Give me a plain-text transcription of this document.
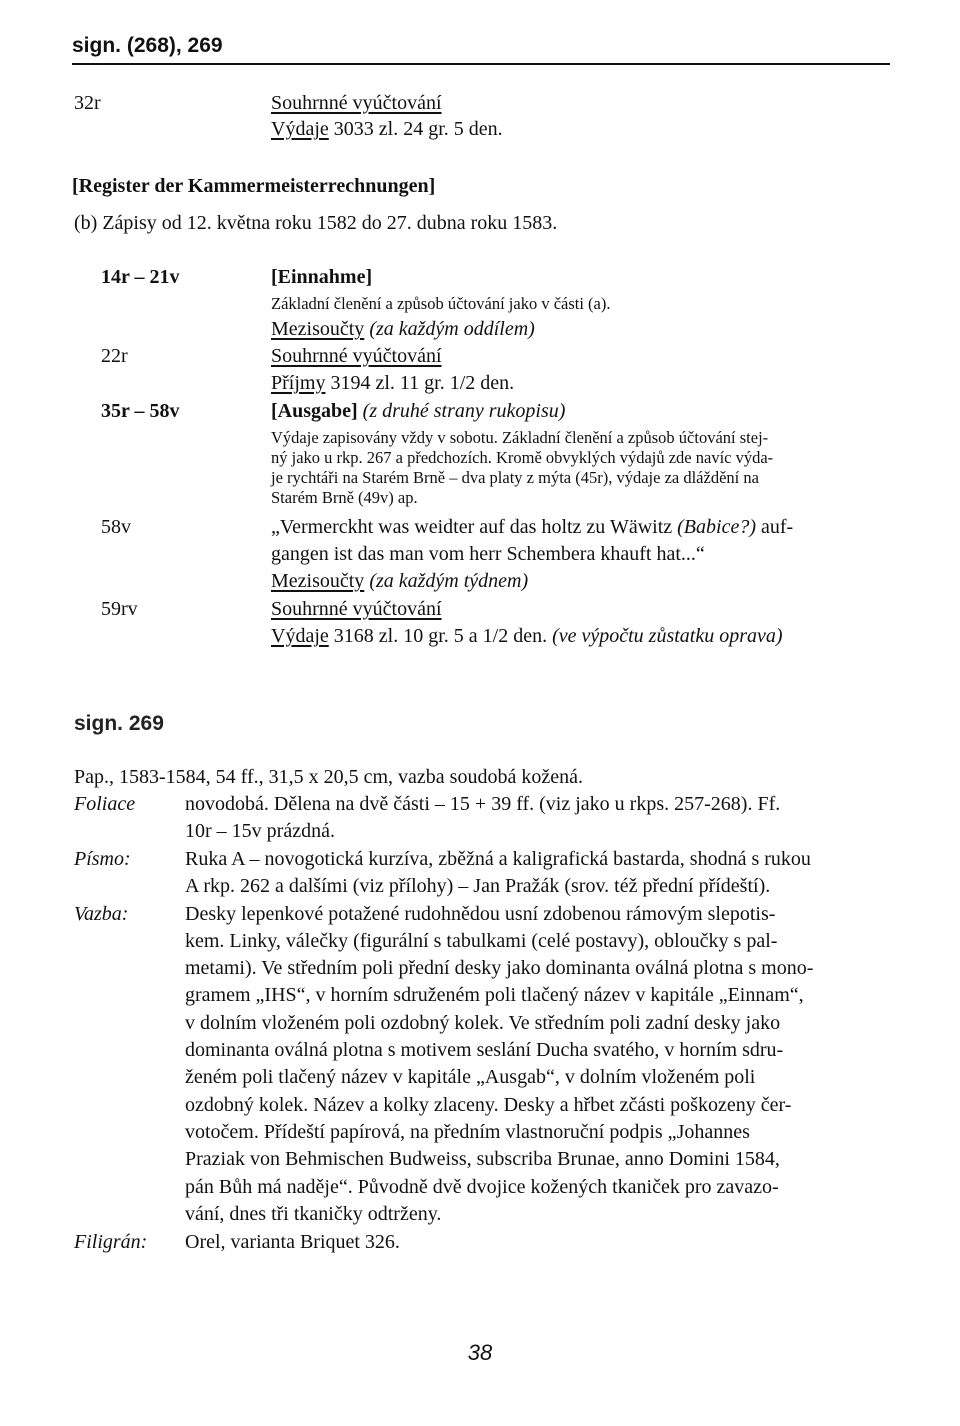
sign. (268), 269
32r	Souhrnné vyúčtování
Výdaje 3033 zl. 24 gr. 5 den.
[Register der Kammermeisterrechnungen]
(b) Zápisy od 12. května roku 1582 do 27. dubna roku 1583.
14r – 21v	[Einnahme]
Základní členění a způsob účtování jako v části (a).
Mezisoučty (za každým oddílem)
22r	Souhrnné vyúčtování
Příjmy 3194 zl. 11 gr. 1/2 den.
35r – 58v	[Ausgabe] (z druhé strany rukopisu)
Výdaje zapisovány vždy v sobotu. Základní členění a způsob účtování stej-
ný jako u rkp. 267 a předchozích. Kromě obvyklých výdajů zde navíc výda-
je rychtáři na Starém Brně – dva platy z mýta (45r), výdaje za dláždění na
Starém Brně (49v) ap.
58v	„Vermerckht was weidter auf das holtz zu Wäwitz (Babice?) auf-
gangen ist das man vom herr Schembera khauft hat...“
Mezisoučty (za každým týdnem)
59rv	Souhrnné vyúčtování
Výdaje 3168 zl. 10 gr. 5 a 1/2 den. (ve výpočtu zůstatku oprava)
sign. 269
Pap., 1583-1584, 54 ff., 31,5 x 20,5 cm, vazba soudobá kožená.
Foliace novodobá. Dělena na dvě části – 15 + 39 ff. (viz jako u rkps. 257-268). Ff.
10r – 15v prázdná.
Písmo:	Ruka A – novogotická kurzíva, zběžná a kaligrafická bastarda, shodná s rukou
A rkp. 262 a dalšími (viz přílohy) – Jan Pražák (srov. též přední přídeští).
Vazba:	Desky lepenkové potažené rudohnědou usní zdobenou rámovým slepotis-
kem. Linky, válečky (figurální s tabulkami (celé postavy), obloučky s pal-
metami). Ve středním poli přední desky jako dominanta oválná plotna s mono-
gramem „IHS“, v horním sdruženém poli tlačený název v kapitále „Einnam“,
v dolním vloženém poli ozdobný kolek. Ve středním poli zadní desky jako
dominanta oválná plotna s motivem seslání Ducha svatého, v horním sdru-
ženém poli tlačený název v kapitále „Ausgab“, v dolním vloženém poli
ozdobný kolek. Název a kolky zlaceny. Desky a hřbet zčásti poškozeny čer-
votočem. Přídeští papírová, na předním vlastnoruční podpis „Johannes
Praziak von Behmischen Budweiss, subscriba Brunae, anno Domini 1584,
pán Bůh má naděje“. Původně dvě dvojice kožených tkaniček pro zavazo-
vání, dnes tři tkaničky odtrženy.
Filigrán: Orel, varianta Briquet 326.
38
